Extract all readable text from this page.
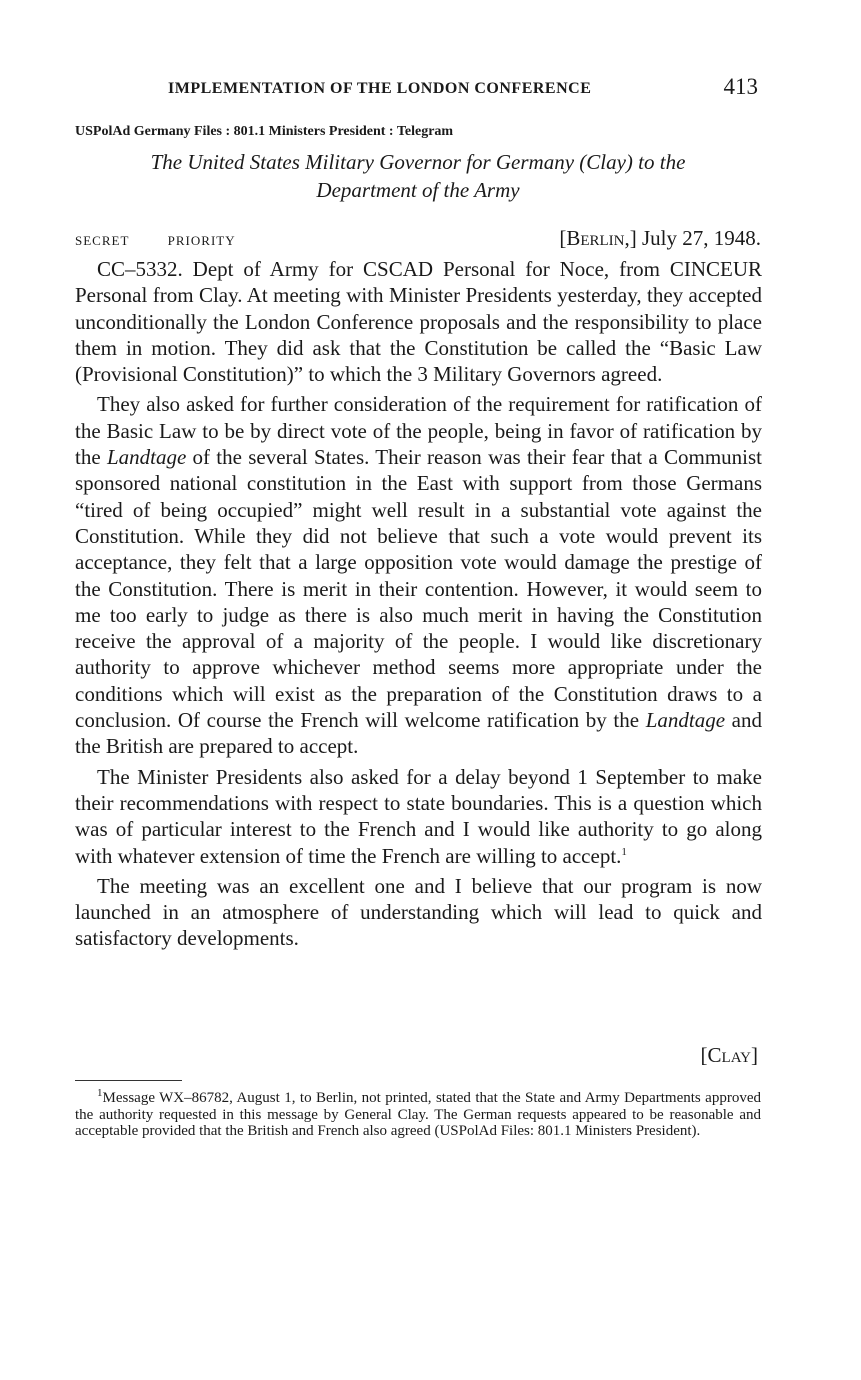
IMPLEMENTATION OF THE LONDON CONFERENCE	413
USPolAd Germany Files : 801.1 Ministers President : Telegram
The United States Military Governor for Germany (Clay) to the
Department of the Army
SECRET	PRIORITY	[Berlin,] July 27, 1948.

CC–5332. Dept of Army for CSCAD Personal for Noce, from CINCEUR Personal from Clay. At meeting with Minister Presidents yesterday, they accepted unconditionally the London Conference proposals and the responsibility to place them in motion. They did ask that the Constitution be called the “Basic Law (Provisional Constitution)” to which the 3 Military Governors agreed.

They also asked for further consideration of the requirement for ratification of the Basic Law to be by direct vote of the people, being in favor of ratification by the Landtage of the several States. Their reason was their fear that a Communist sponsored national constitution in the East with support from those Germans “tired of being occupied” might well result in a substantial vote against the Constitution. While they did not believe that such a vote would prevent its acceptance, they felt that a large opposition vote would damage the prestige of the Constitution. There is merit in their contention. However, it would seem to me too early to judge as there is also much merit in having the Constitution receive the approval of a majority of the people. I would like discretionary authority to approve whichever method seems more appropriate under the conditions which will exist as the preparation of the Constitution draws to a conclusion. Of course the French will welcome ratification by the Landtage and the British are prepared to accept.

The Minister Presidents also asked for a delay beyond 1 September to make their recommendations with respect to state boundaries. This is a question which was of particular interest to the French and I would like authority to go along with whatever extension of time the French are willing to accept.$^1$

The meeting was an excellent one and I believe that our program is now launched in an atmosphere of understanding which will lead to quick and satisfactory developments.

[Clay]
$^1$Message WX–86782, August 1, to Berlin, not printed, stated that the State and Army Departments approved the authority requested in this message by General Clay. The German requests appeared to be reasonable and acceptable provided that the British and French also agreed (USPolAd Files: 801.1 Ministers President).
